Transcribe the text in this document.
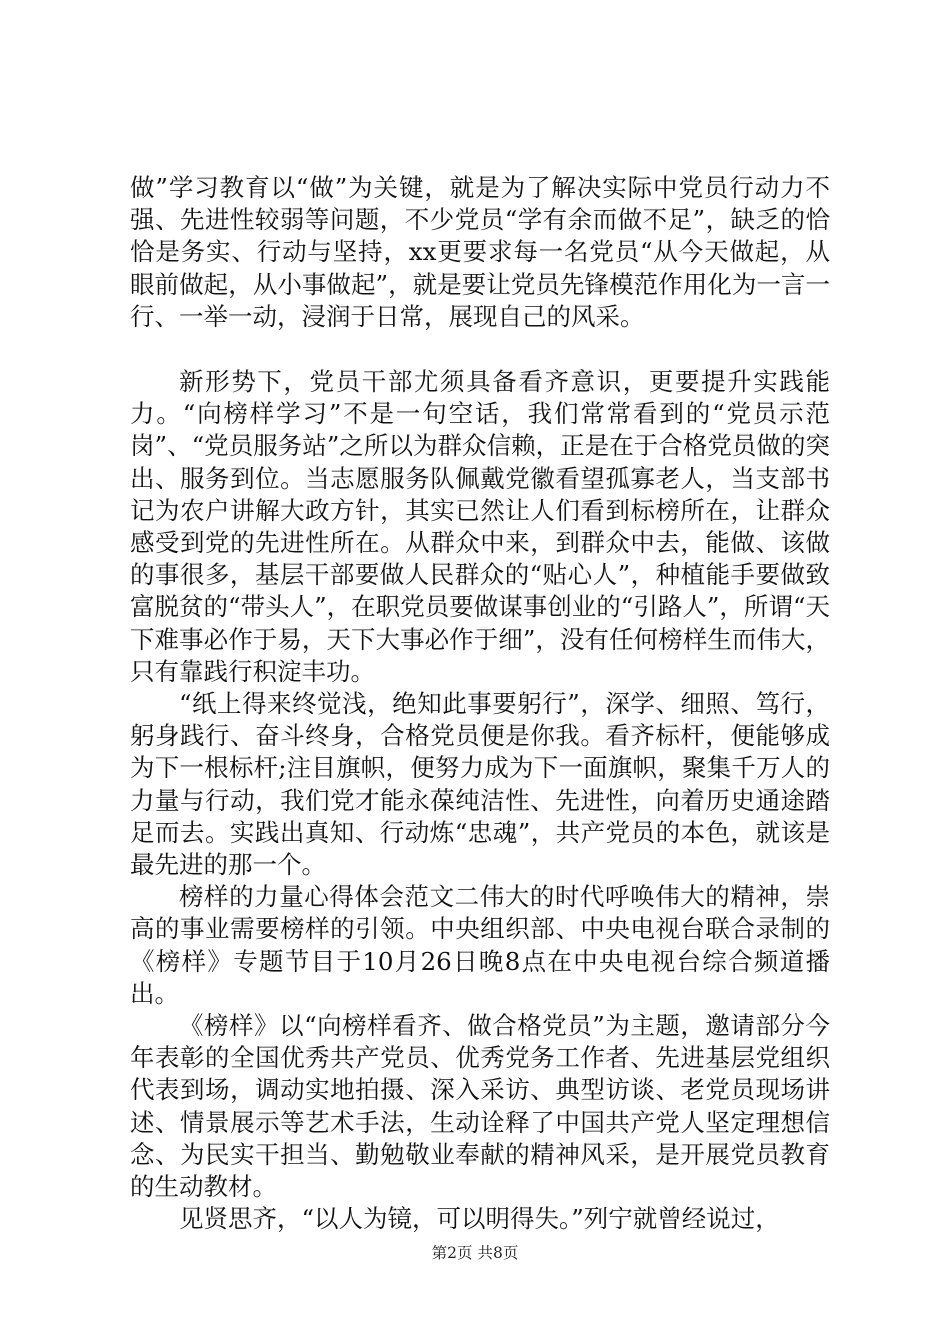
做”学习教育以“做”为关键，就是为了解决实际中党员行动力不强、先进性较弱等问题，不少党员“学有余而做不足”，缺乏的恰恰是务实、行动与坚持，xx更要求每一名党员“从今天做起，从眼前做起，从小事做起”，就是要让党员先锋模范作用化为一言一行、一举一动，浸润于日常，展现自己的风采。

新形势下，党员干部尤须具备看齐意识，更要提升实践能力。“向榜样学习”不是一句空话，我们常常看到的“党员示范岗”、“党员服务站”之所以为群众信赖，正是在于合格党员做的突出、服务到位。当志愿服务队佩戴党徽看望孤寡老人，当支部书记为农户讲解大政方针，其实已然让人们看到标榜所在，让群众感受到党的先进性所在。从群众中来，到群众中去，能做、该做的事很多，基层干部要做人民群众的“贴心人”，种植能手要做致富脱贫的“带头人”，在职党员要做谋事创业的“引路人”，所谓“天下难事必作于易，天下大事必作于细”，没有任何榜样生而伟大，只有靠践行积淀丰功。

“纸上得来终觉浅，绝知此事要躬行”，深学、细照、笃行，躬身践行、奋斗终身，合格党员便是你我。看齐标杆，便能够成为下一根标杆;注目旗帜，便努力成为下一面旗帜，聚集千万人的力量与行动，我们党才能永葆纯洁性、先进性，向着历史通途踏足而去。实践出真知、行动炼“忠魂”，共产党员的本色，就该是最先进的那一个。

榜样的力量心得体会范文二伟大的时代呼唤伟大的精神，崇高的事业需要榜样的引领。中央组织部、中央电视台联合录制的《榜样》专题节目于10月26日晚8点在中央电视台综合频道播出。

《榜样》以“向榜样看齐、做合格党员”为主题，邀请部分今年表彰的全国优秀共产党员、优秀党务工作者、先进基层党组织代表到场，调动实地拍摄、深入采访、典型访谈、老党员现场讲述、情景展示等艺术手法，生动诠释了中国共产党人坚定理想信念、为民实干担当、勤勉敬业奉献的精神风采，是开展党员教育的生动教材。

见贤思齐，“以人为镜，可以明得失。”列宁就曾经说过，

第2页 共8页
